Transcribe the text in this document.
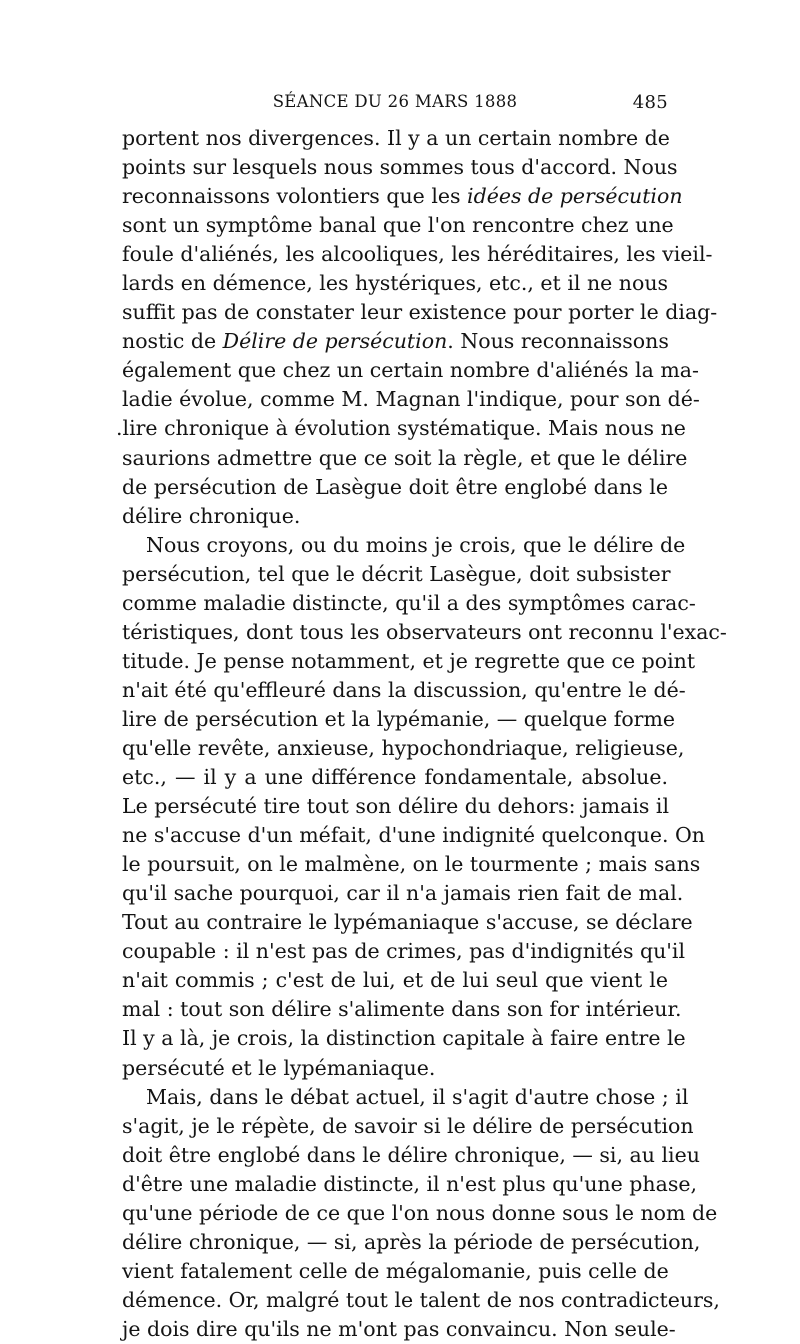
SÉANCE DU 26 MARS 1888	485
portent nos divergences. Il y a un certain nombre de
points sur lesquels nous sommes tous d'accord. Nous
reconnaissons volontiers que les idées de persécution
sont un symptôme banal que l'on rencontre chez une
foule d'aliénés, les alcooliques, les héréditaires, les vieil-
lards en démence, les hystériques, etc., et il ne nous
suffit pas de constater leur existence pour porter le diag-
nostic de Délire de persécution. Nous reconnaissons
également que chez un certain nombre d'aliénés la ma-
ladie évolue, comme M. Magnan l'indique, pour son dé-
.lire chronique à évolution systématique. Mais nous ne
saurions admettre que ce soit la règle, et que le délire
de persécution de Lasègue doit être englobé dans le
délire chronique.
Nous croyons, ou du moins je crois, que le délire de
persécution, tel que le décrit Lasègue, doit subsister
comme maladie distincte, qu'il a des symptômes carac-
téristiques, dont tous les observateurs ont reconnu l'exac-
titude. Je pense notamment, et je regrette que ce point
n'ait été qu'effleuré dans la discussion, qu'entre le dé-
lire de persécution et la lypémanie, — quelque forme
qu'elle revête, anxieuse, hypochondriaque, religieuse,
etc., — il y a une différence fondamentale, absolue.
Le persécuté tire tout son délire du dehors: jamais il
ne s'accuse d'un méfait, d'une indignité quelconque. On
le poursuit, on le malmène, on le tourmente ; mais sans
qu'il sache pourquoi, car il n'a jamais rien fait de mal.
Tout au contraire le lypémaniaque s'accuse, se déclare
coupable : il n'est pas de crimes, pas d'indignités qu'il
n'ait commis ; c'est de lui, et de lui seul que vient le
mal : tout son délire s'alimente dans son for intérieur.
Il y a là, je crois, la distinction capitale à faire entre le
persécuté et le lypémaniaque.
Mais, dans le débat actuel, il s'agit d'autre chose ; il
s'agit, je le répète, de savoir si le délire de persécution
doit être englobé dans le délire chronique, — si, au lieu
d'être une maladie distincte, il n'est plus qu'une phase,
qu'une période de ce que l'on nous donne sous le nom de
délire chronique, — si, après la période de persécution,
vient fatalement celle de mégalomanie, puis celle de
démence. Or, malgré tout le talent de nos contradicteurs,
je dois dire qu'ils ne m'ont pas convaincu. Non seule-
